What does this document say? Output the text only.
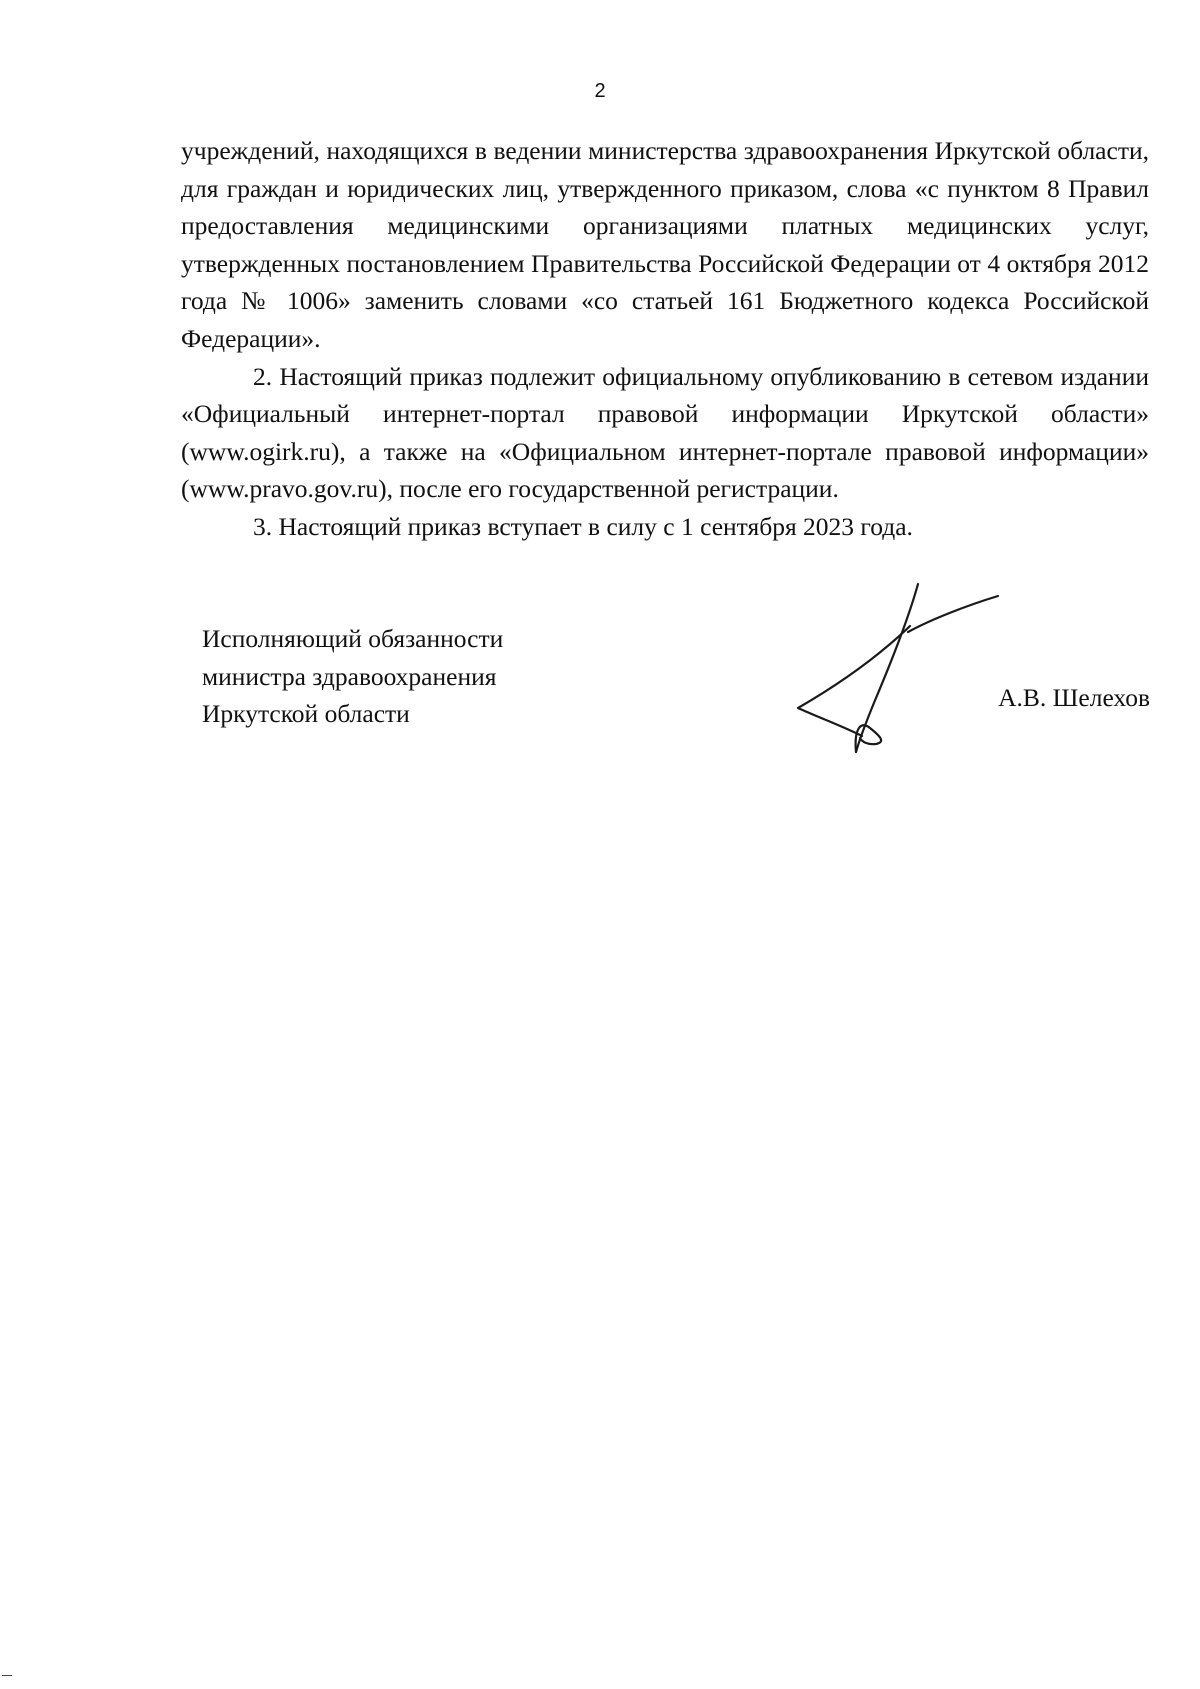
2

учреждений, находящихся в ведении министерства здравоохранения Иркутской области, для граждан и юридических лиц, утвержденного приказом, слова «с пунктом 8 Правил предоставления медицинскими организациями платных медицинских услуг, утвержденных постановлением Правительства Российской Федерации от 4 октября 2012 года № 1006» заменить словами «со статьей 161 Бюджетного кодекса Российской Федерации».

2. Настоящий приказ подлежит официальному опубликованию в сетевом издании «Официальный интернет-портал правовой информации Иркутской области» (www.ogirk.ru), а также на «Официальном интернет-портале правовой информации» (www.pravo.gov.ru), после его государственной регистрации.

3. Настоящий приказ вступает в силу с 1 сентября 2023 года.

Исполняющий обязанности
министра здравоохранения
Иркутской области
А.В. Шелехов
